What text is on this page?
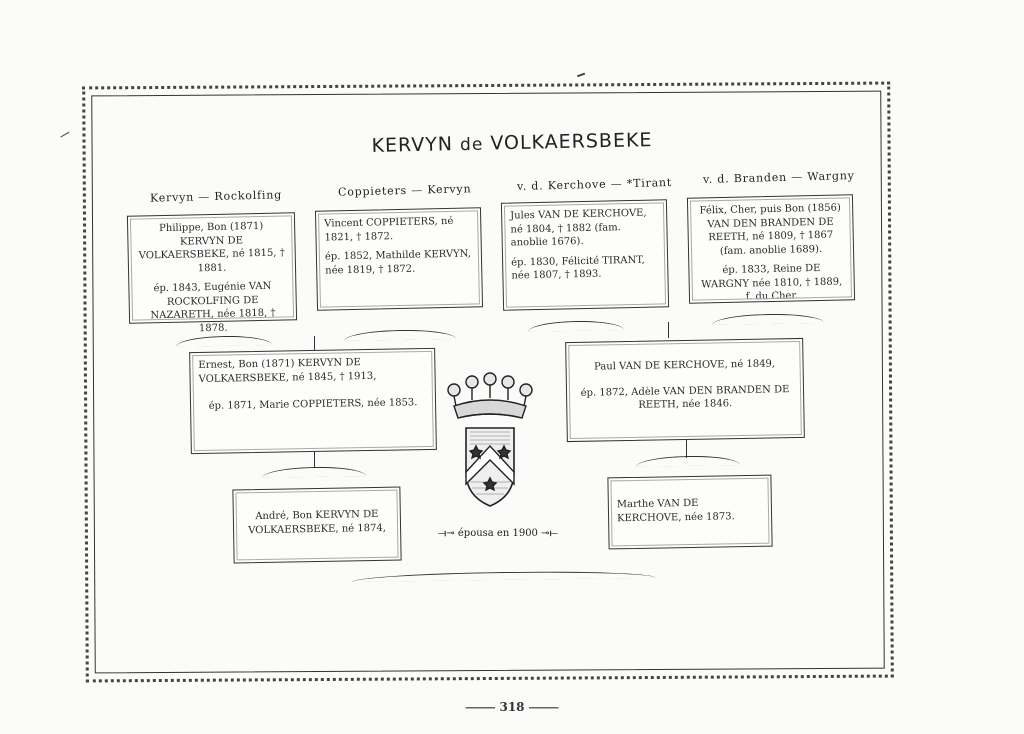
KERVYN de VOLKAERSBEKE
Kervyn — Rockolfing	Coppieters — Kervyn	v. d. Kerchove — *Tirant	v. d. Branden — Wargny

Philippe, Bon (1871) KERVYN DE VOLKAERSBEKE, né 1815, † 1881.

ép. 1843, Eugénie VAN ROCKOLFING DE NAZARETH, née 1818, † 1878.

Vincent COPPIETERS, né 1821, † 1872.

ép. 1852, Mathilde KERVYN, née 1819, † 1872.

Jules VAN DE KERCHOVE, né 1804, † 1882 (fam. anoblie 1676).

ép. 1830, Félicité TIRANT, née 1807, † 1893.

Félix, Cher, puis Bon (1856) VAN DEN BRANDEN DE REETH, né 1809, † 1867 (fam. anoblie 1689).

ép. 1833, Reine DE WARGNY née 1810, † 1889, f. du Cher.

Ernest, Bon (1871) KERVYN DE VOLKAERSBEKE, né 1845, † 1913,

ép. 1871, Marie COPPIETERS, née 1853.

Paul VAN DE KERCHOVE, né 1849,

ép. 1872, Adèle VAN DEN BRANDEN DE REETH, née 1846.

André, Bon KERVYN DE VOLKAERSBEKE, né 1874,

Marthe VAN DE KERCHOVE, née 1873.

⟞⊸ épousa en 1900 ⊸⟝
⸻ 318 ⸻
